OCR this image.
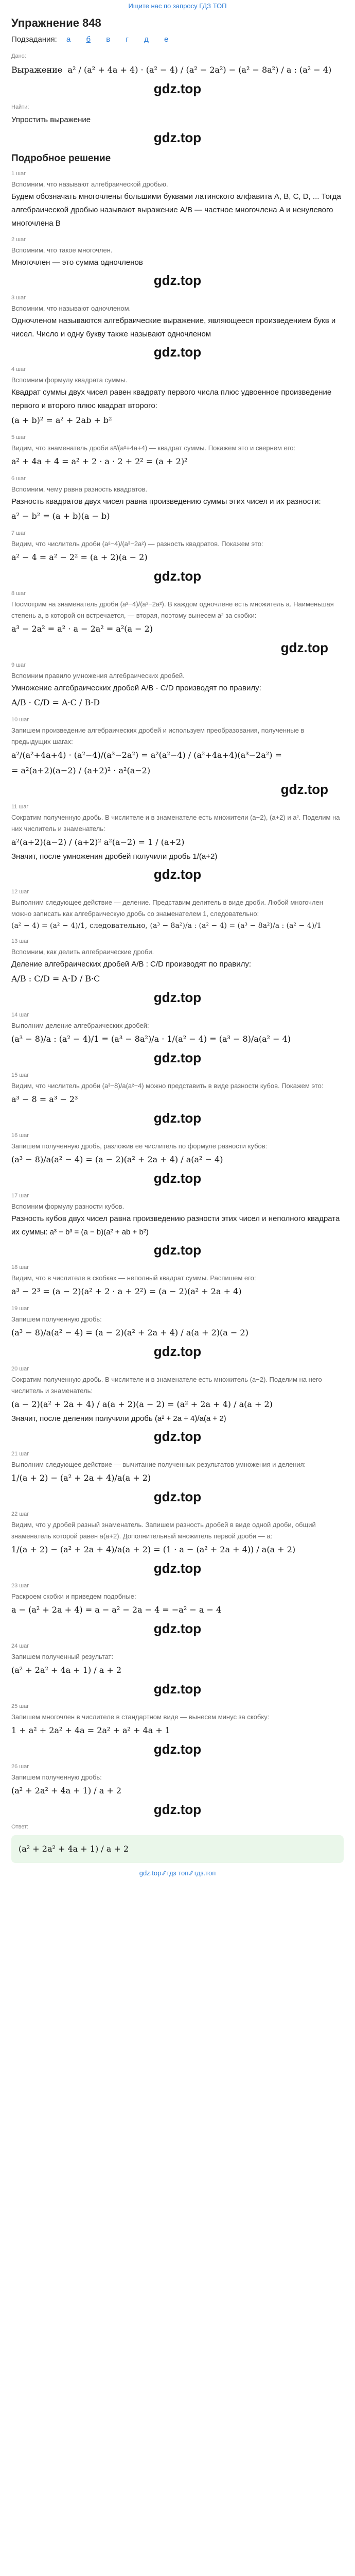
Ищите нас по запросу ГДЗ ТОП
Упражнение 848
Подзадания: а б в г д е
Дано:
Выражение a² / (a² + 4a + 4) · (a² − 4) / (a² − 2a²) − (a² − 8a²) / a : (a² − 4)
gdz.top
Найти:
Упростить выражение
gdz.top
Подробное решение
1 шаг
Вспомним, что называют алгебраической дробью.
Будем обозначать многочлены большими буквами латинского алфавита A, B, C, D, ... Тогда алгебраической дробью называют выражение A/B — частное многочлена A и ненулевого многочлена B
2 шаг
Вспомним, что такое многочлен.
Многочлен — это сумма одночленов
gdz.top
3 шаг
Вспомним, что называют одночленом.
Одночленом называются алгебраические выражение, являющееся произведением букв и чисел. Число и одну букву также называют одночленом
gdz.top
4 шаг
Вспомним формулу квадрата суммы.
Квадрат суммы двух чисел равен квадрату первого числа плюс удвоенное произведение первого и второго плюс квадрат второго:
(a + b)² = a² + 2ab + b²
5 шаг
Видим, что знаменатель дроби a²/(a²+4a+4) — квадрат суммы. Покажем это и свернем его:
a² + 4a + 4 = a² + 2 · a · 2 + 2² = (a + 2)²
6 шаг
Вспомним, чему равна разность квадратов.
Разность квадратов двух чисел равна произведению суммы этих чисел и их разности:
a² − b² = (a + b)(a − b)
7 шаг
Видим, что числитель дроби (a²−4)/(a³−2a²) — разность квадратов. Покажем это:
a² − 4 = a² − 2² = (a + 2)(a − 2)
gdz.top
8 шаг
Посмотрим на знаменатель дроби (a²−4)/(a³−2a²). В каждом одночлене есть множитель a. Наименьшая степень a, в которой он встречается, — вторая, поэтому вынесем a² за скобки:
a³ − 2a² = a² · a − 2a² = a²(a − 2)
gdz.top
9 шаг
Вспомним правило умножения алгебраических дробей.
Умножение алгебраических дробей A/B · C/D производят по правилу:
A/B · C/D = A·C / B·D
10 шаг
Запишем произведение алгебраических дробей и используем преобразования, полученные в предыдущих шагах:
a²/(a²+4a+4) · (a²−4)/(a³−2a²) = a²(a²−4) / (a²+4a+4)(a³−2a²) =
= a²(a+2)(a−2) / (a+2)² · a²(a−2)
gdz.top
11 шаг
Сократим полученную дробь. В числителе и в знаменателе есть множители (a−2), (a+2) и a². Поделим на них числитель и знаменатель:
a²(a+2)(a−2) / (a+2)² a²(a−2) = 1 / (a+2)
Значит, после умножения дробей получили дробь 1/(a+2)
gdz.top
12 шаг
Выполним следующее действие — деление. Представим делитель в виде дроби. Любой многочлен можно записать как алгебраическую дробь со знаменателем 1, следовательно:
(a² − 4) = (a² − 4)/1, следовательно, (a³ − 8a²)/a : (a² − 4) = (a³ − 8a²)/a : (a² − 4)/1
13 шаг
Вспомним, как делить алгебраические дроби.
Деление алгебраических дробей A/B : C/D производят по правилу:
A/B : C/D = A·D / B·C
gdz.top
14 шаг
Выполним деление алгебраических дробей:
(a³ − 8)/a : (a² − 4)/1 = (a³ − 8a²)/a · 1/(a² − 4) = (a³ − 8)/a(a² − 4)
gdz.top
15 шаг
Видим, что числитель дроби (a³−8)/a(a²−4) можно представить в виде разности кубов. Покажем это:
a³ − 8 = a³ − 2³
gdz.top
16 шаг
Запишем полученную дробь, разложив ее числитель по формуле разности кубов:
(a³ − 8)/a(a² − 4) = (a − 2)(a² + 2a + 4) / a(a² − 4)
gdz.top
17 шаг
Вспомним формулу разности кубов.
Разность кубов двух чисел равна произведению разности этих чисел и неполного квадрата их суммы: a³ − b³ = (a − b)(a² + ab + b²)
gdz.top
18 шаг
Видим, что в числителе в скобках — неполный квадрат суммы. Распишем его:
a³ − 2³ = (a − 2)(a² + 2 · a + 2²) = (a − 2)(a² + 2a + 4)
19 шаг
Запишем полученную дробь:
(a³ − 8)/a(a² − 4) = (a − 2)(a² + 2a + 4) / a(a + 2)(a − 2)
gdz.top
20 шаг
Сократим полученную дробь. В числителе и в знаменателе есть множитель (a−2). Поделим на него числитель и знаменатель:
(a − 2)(a² + 2a + 4) / a(a + 2)(a − 2) = (a² + 2a + 4) / a(a + 2)
Значит, после деления получили дробь (a² + 2a + 4)/a(a + 2)
gdz.top
21 шаг
Выполним следующее действие — вычитание полученных результатов умножения и деления:
1/(a + 2) − (a² + 2a + 4)/a(a + 2)
gdz.top
22 шаг
Видим, что у дробей разный знаменатель. Запишем разность дробей в виде одной дроби, общий знаменатель которой равен a(a+2). Дополнительный множитель первой дроби — a:
1/(a + 2) − (a² + 2a + 4)/a(a + 2) = (1 · a − (a² + 2a + 4)) / a(a + 2)
gdz.top
23 шаг
Раскроем скобки и приведем подобные:
a − (a² + 2a + 4) = a − a² − 2a − 4 = −a² − a − 4
gdz.top
24 шаг
Запишем полученный результат:
(a² + 2a² + 4a + 1) / a + 2
gdz.top
25 шаг
Запишем многочлен в числителе в стандартном виде — вынесем минус за скобку:
1 + a² + 2a² + 4a = 2a² + a² + 4a + 1
gdz.top
26 шаг
Запишем полученную дробь:
(a² + 2a² + 4a + 1) / a + 2
gdz.top
Ответ:
(a² + 2a² + 4a + 1) / a + 2
gdz.top ⁄⁄ гдз топ ⁄⁄ гдз.топ
